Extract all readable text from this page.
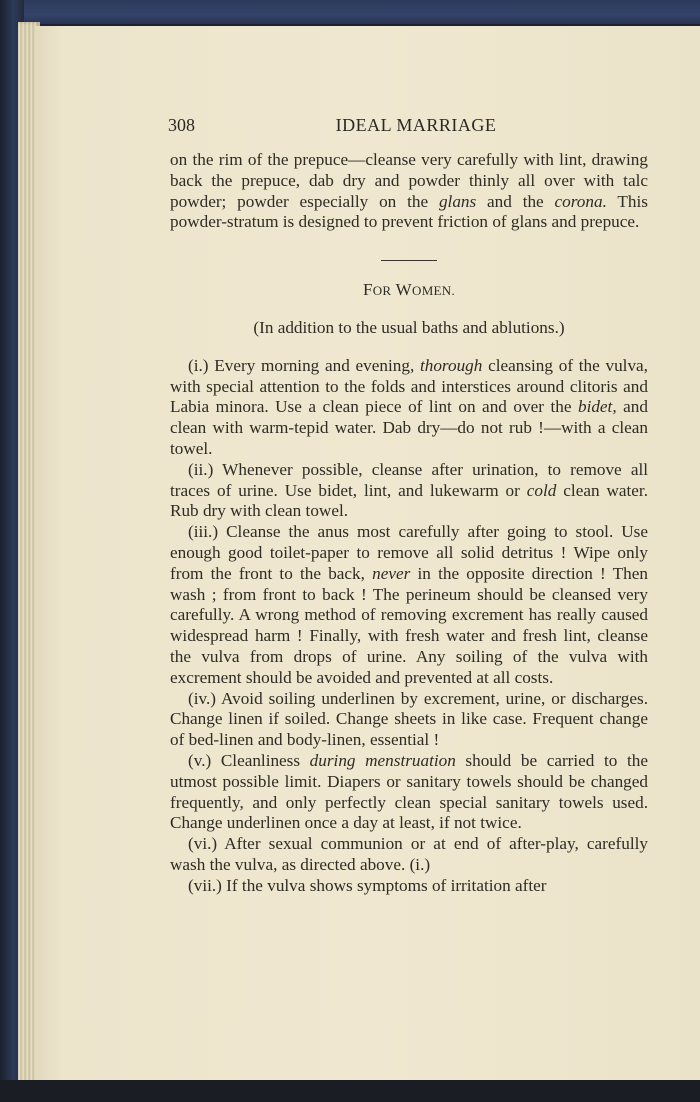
308	IDEAL MARRIAGE

on the rim of the prepuce—cleanse very carefully with lint, drawing back the prepuce, dab dry and powder thinly all over with talc powder; powder especially on the glans and the corona. This powder-stratum is designed to prevent friction of glans and prepuce.

FOR WOMEN.

(In addition to the usual baths and ablutions.)

(i.) Every morning and evening, thorough cleansing of the vulva, with special attention to the folds and interstices around clitoris and Labia minora. Use a clean piece of lint on and over the bidet, and clean with warm-tepid water. Dab dry—do not rub !—with a clean towel.

(ii.) Whenever possible, cleanse after urination, to remove all traces of urine. Use bidet, lint, and lukewarm or cold clean water. Rub dry with clean towel.

(iii.) Cleanse the anus most carefully after going to stool. Use enough good toilet-paper to remove all solid detritus ! Wipe only from the front to the back, never in the opposite direction ! Then wash ; from front to back ! The perineum should be cleansed very carefully. A wrong method of removing excrement has really caused widespread harm ! Finally, with fresh water and fresh lint, cleanse the vulva from drops of urine. Any soiling of the vulva with excrement should be avoided and prevented at all costs.

(iv.) Avoid soiling underlinen by excrement, urine, or discharges. Change linen if soiled. Change sheets in like case. Frequent change of bed-linen and body-linen, essential !

(v.) Cleanliness during menstruation should be carried to the utmost possible limit. Diapers or sanitary towels should be changed frequently, and only perfectly clean special sanitary towels used. Change underlinen once a day at least, if not twice.

(vi.) After sexual communion or at end of after-play, carefully wash the vulva, as directed above. (i.)

(vii.) If the vulva shows symptoms of irritation after
